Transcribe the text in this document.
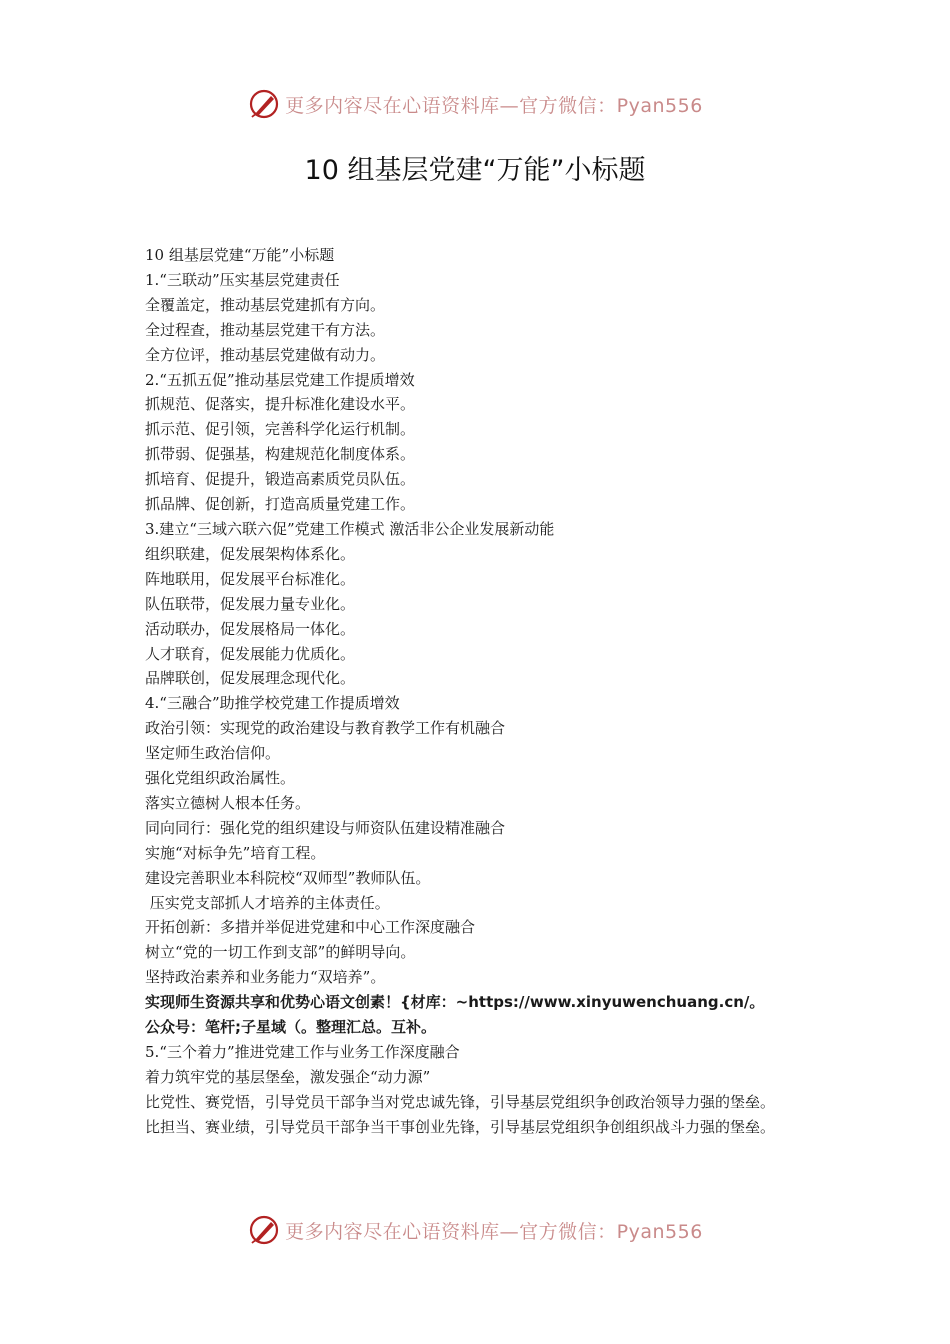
更多内容尽在心语资料库—官方微信：Pyan556
10 组基层党建“万能”小标题
10 组基层党建“万能”小标题
1.“三联动”压实基层党建责任
全覆盖定，推动基层党建抓有方向。
全过程查，推动基层党建干有方法。
全方位评，推动基层党建做有动力。
2.“五抓五促”推动基层党建工作提质增效
抓规范、促落实，提升标准化建设水平。
抓示范、促引领，完善科学化运行机制。
抓带弱、促强基，构建规范化制度体系。
抓培育、促提升，锻造高素质党员队伍。
抓品牌、促创新，打造高质量党建工作。
3.建立“三域六联六促”党建工作模式 激活非公企业发展新动能
组织联建，促发展架构体系化。
阵地联用，促发展平台标准化。
队伍联带，促发展力量专业化。
活动联办，促发展格局一体化。
人才联育，促发展能力优质化。
品牌联创，促发展理念现代化。
4.“三融合”助推学校党建工作提质增效
政治引领：实现党的政治建设与教育教学工作有机融合
坚定师生政治信仰。
强化党组织政治属性。
落实立德树人根本任务。
同向同行：强化党的组织建设与师资队伍建设精准融合
实施“对标争先”培育工程。
建设完善职业本科院校“双师型”教师队伍。
压实党支部抓人才培养的主体责任。
开拓创新：多措并举促进党建和中心工作深度融合
树立“党的一切工作到支部”的鲜明导向。
坚持政治素养和业务能力“双培养”。
实现师生资源共享和优势心语文创素！{材库：~https://www.xinyuwenchuang.cn/。
公众号：笔杆;子星域（。整理汇总。互补。
5.“三个着力”推进党建工作与业务工作深度融合
着力筑牢党的基层堡垒，激发强企“动力源”
比党性、赛党悟，引导党员干部争当对党忠诚先锋，引导基层党组织争创政治领导力强的堡垒。
比担当、赛业绩，引导党员干部争当干事创业先锋，引导基层党组织争创组织战斗力强的堡垒。
更多内容尽在心语资料库—官方微信：Pyan556
